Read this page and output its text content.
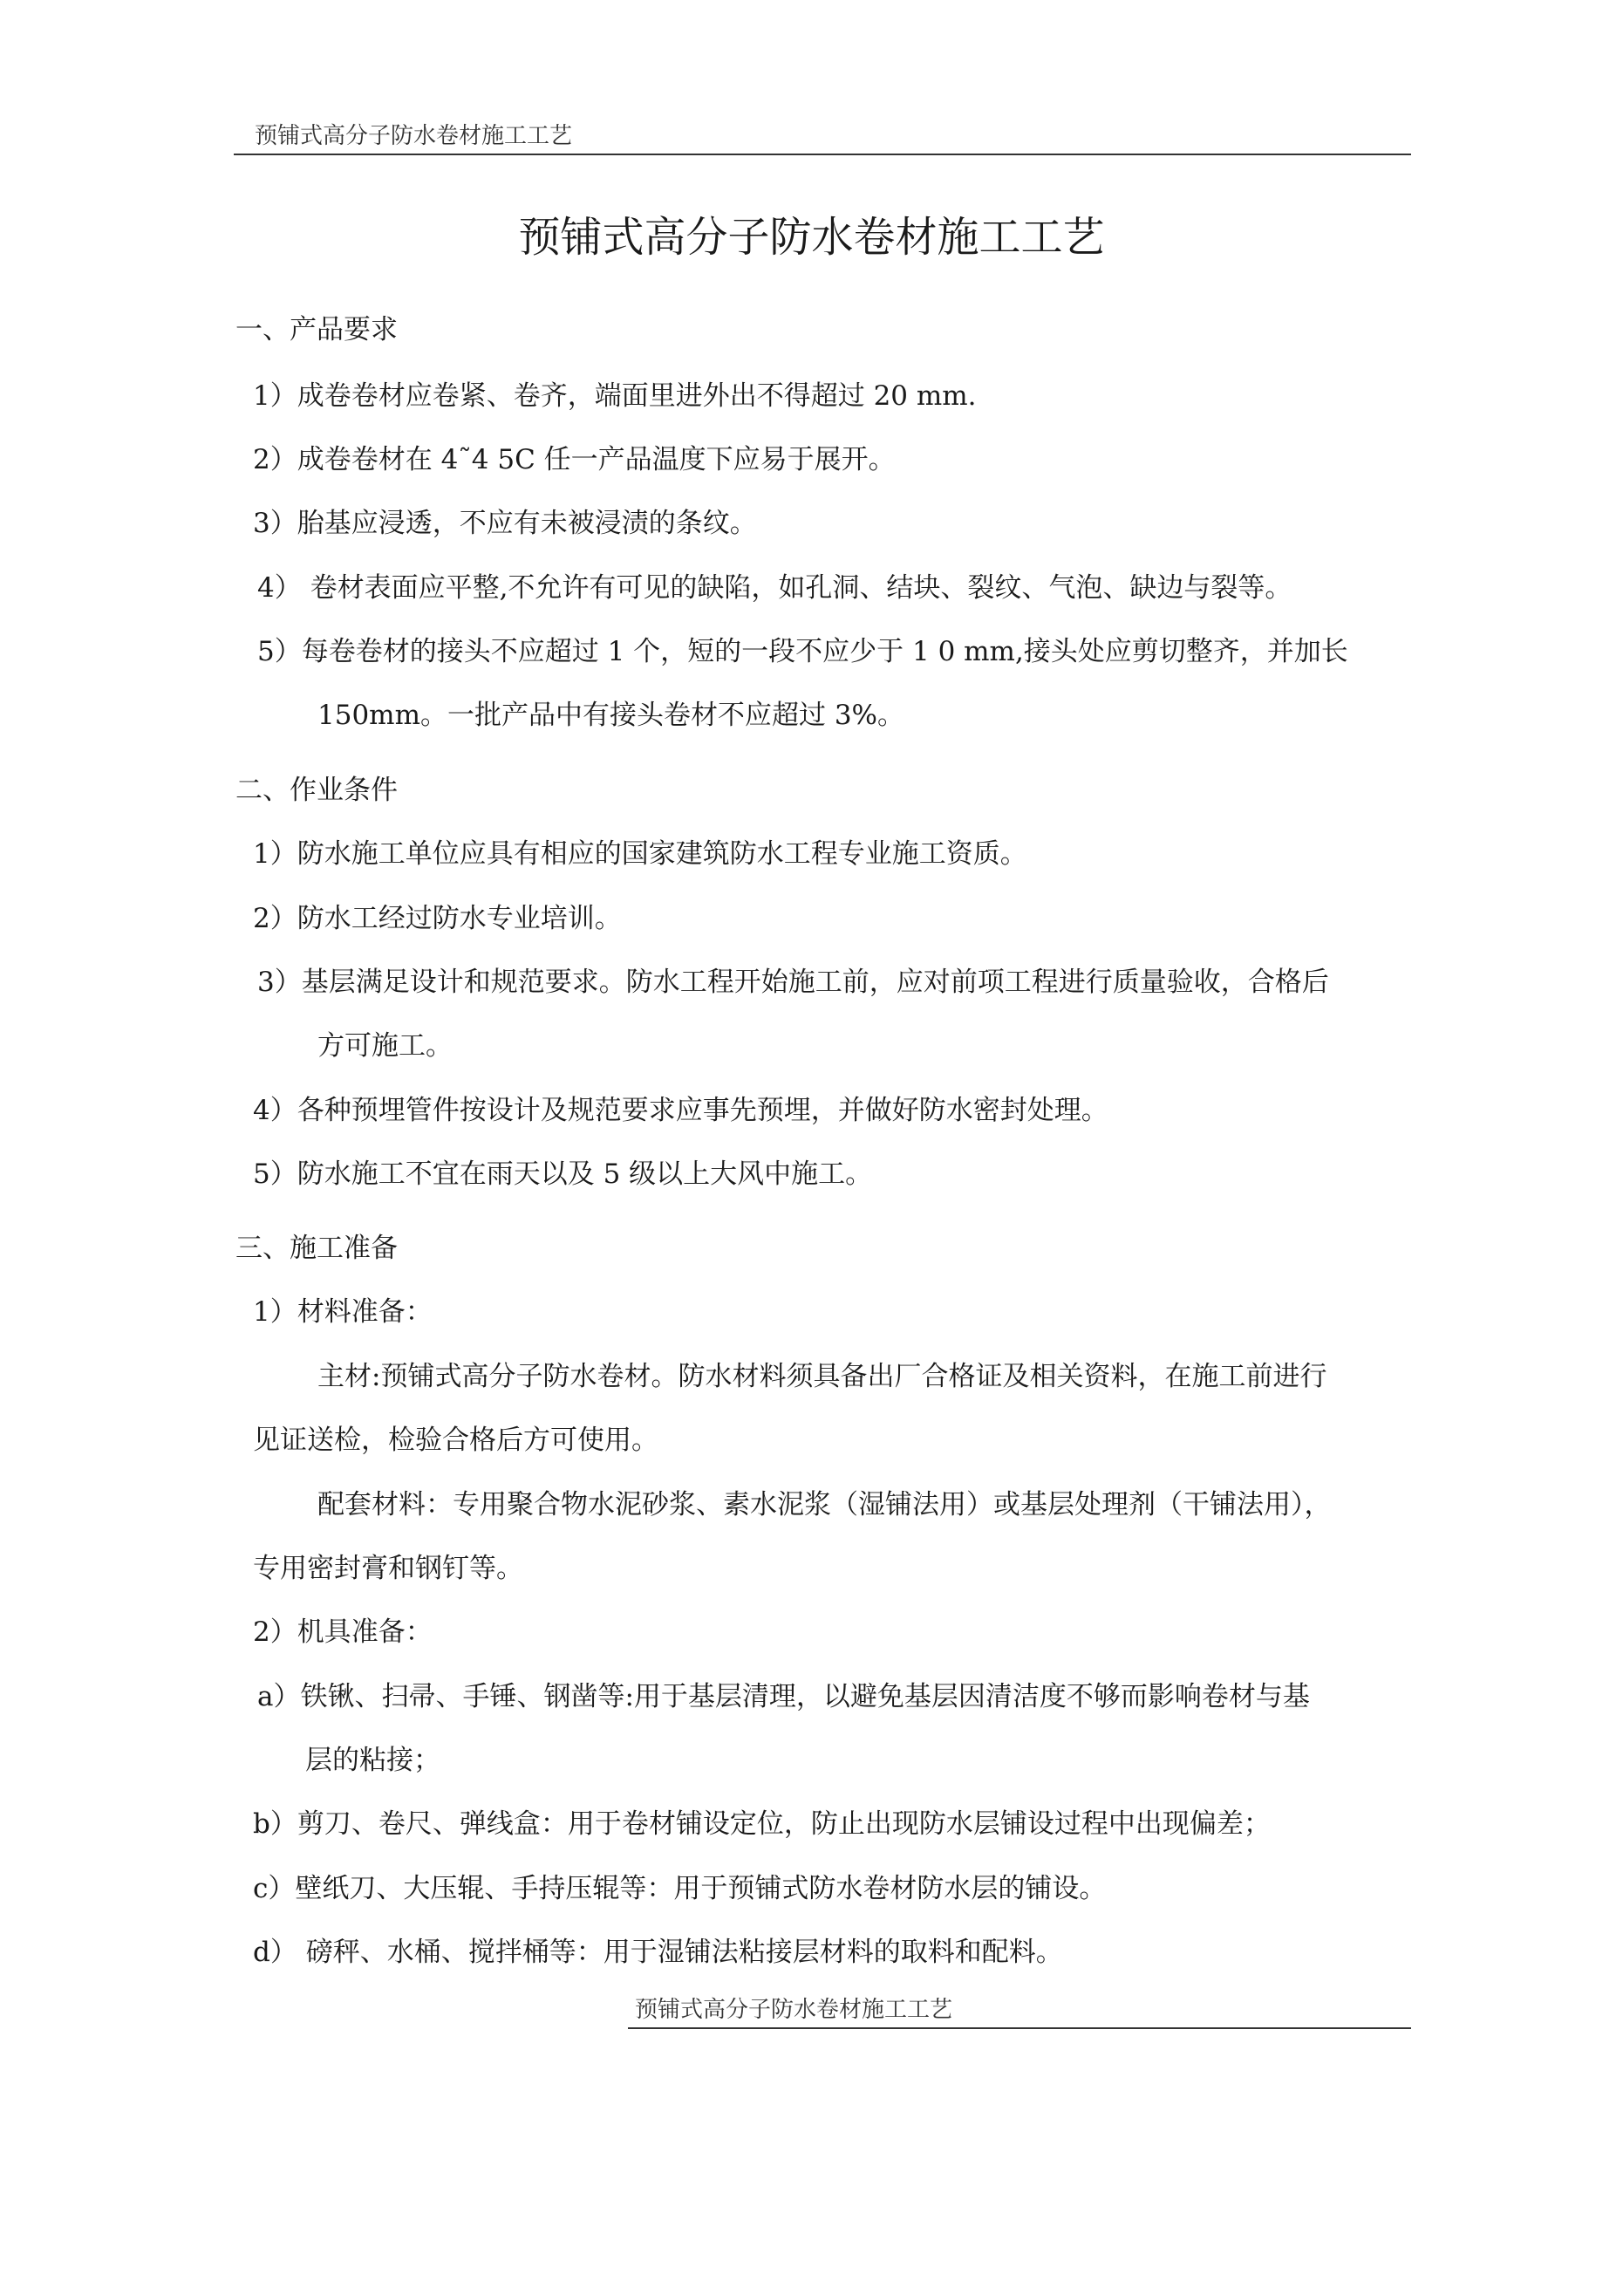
预铺式高分子防水卷材施工工艺
预铺式高分子防水卷材施工工艺
一、产品要求
1）成卷卷材应卷紧、卷齐，端面里进外出不得超过 20 mm.
2）成卷卷材在 4˜4 5C 任一产品温度下应易于展开。
3）胎基应浸透，不应有未被浸渍的条纹。
4） 卷材表面应平整,不允许有可见的缺陷，如孔洞、结块、裂纹、气泡、缺边与裂等。
5）每卷卷材的接头不应超过 1 个，短的一段不应少于 1 0 mm,接头处应剪切整齐，并加长
150mm。一批产品中有接头卷材不应超过 3%。
二、作业条件
1）防水施工单位应具有相应的国家建筑防水工程专业施工资质。
2）防水工经过防水专业培训。
3）基层满足设计和规范要求。防水工程开始施工前，应对前项工程进行质量验收，合格后
方可施工。
4）各种预埋管件按设计及规范要求应事先预埋，并做好防水密封处理。
5）防水施工不宜在雨天以及 5 级以上大风中施工。
三、施工准备
1）材料准备：
主材:预铺式高分子防水卷材。防水材料须具备出厂合格证及相关资料，在施工前进行
见证送检，检验合格后方可使用。
配套材料：专用聚合物水泥砂浆、素水泥浆（湿铺法用）或基层处理剂（干铺法用），
专用密封膏和钢钉等。
2）机具准备：
a）铁锹、扫帚、手锤、钢凿等:用于基层清理，以避免基层因清洁度不够而影响卷材与基
层的粘接；
b）剪刀、卷尺、弹线盒：用于卷材铺设定位，防止出现防水层铺设过程中出现偏差；
c）壁纸刀、大压辊、手持压辊等：用于预铺式防水卷材防水层的铺设。
d） 磅秤、水桶、搅拌桶等：用于湿铺法粘接层材料的取料和配料。
预铺式高分子防水卷材施工工艺
